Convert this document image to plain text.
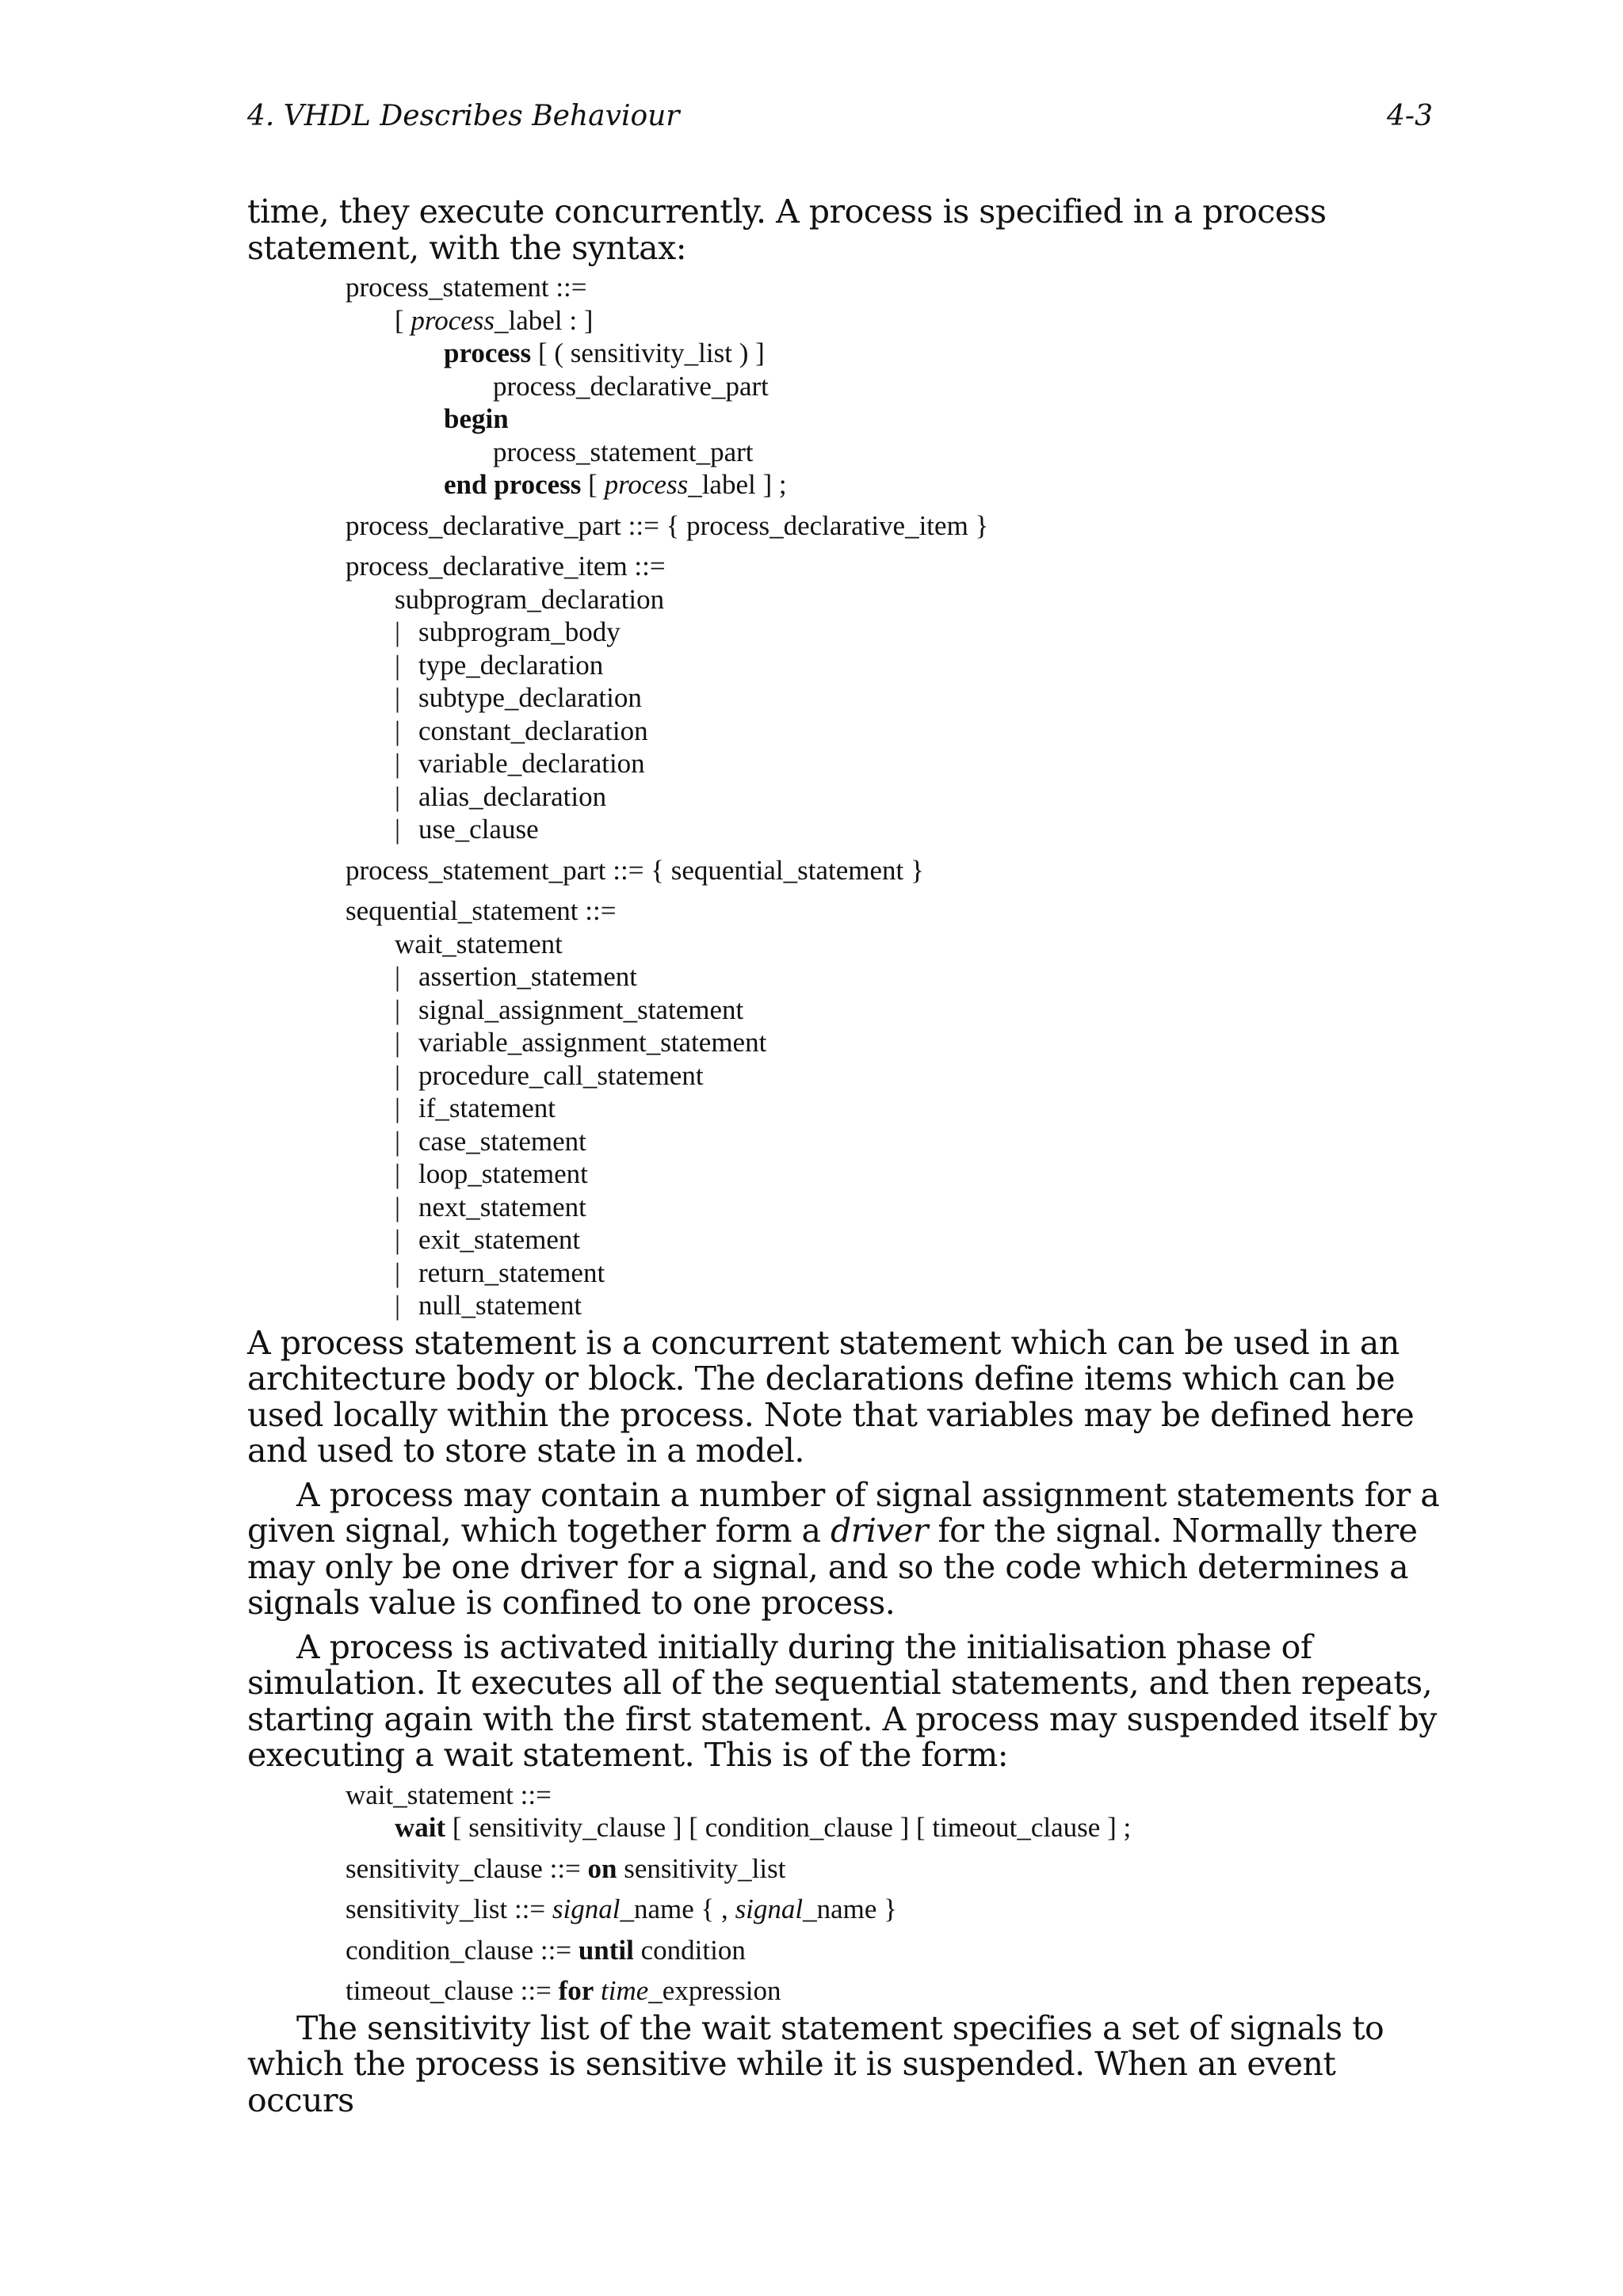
4. VHDL Describes Behaviour	4-3

time, they execute concurrently. A process is specified in a process
statement, with the syntax:

process_statement ::=
[ process_label : ]
process [ ( sensitivity_list ) ]
process_declarative_part
begin
process_statement_part
end process [ process_label ] ;
process_declarative_part ::= { process_declarative_item }
process_declarative_item ::=
subprogram_declaration
| subprogram_body
| type_declaration
| subtype_declaration
| constant_declaration
| variable_declaration
| alias_declaration
| use_clause
process_statement_part ::= { sequential_statement }
sequential_statement ::=
wait_statement
| assertion_statement
| signal_assignment_statement
| variable_assignment_statement
| procedure_call_statement
| if_statement
| case_statement
| loop_statement
| next_statement
| exit_statement
| return_statement
| null_statement

A process statement is a concurrent statement which can be used in an
architecture body or block. The declarations define items which can be
used locally within the process. Note that variables may be defined here
and used to store state in a model.

A process may contain a number of signal assignment statements for a
given signal, which together form a driver for the signal. Normally there
may only be one driver for a signal, and so the code which determines a
signals value is confined to one process.

A process is activated initially during the initialisation phase of
simulation. It executes all of the sequential statements, and then repeats,
starting again with the first statement. A process may suspended itself by
executing a wait statement. This is of the form:

wait_statement ::=
wait [ sensitivity_clause ] [ condition_clause ] [ timeout_clause ] ;
sensitivity_clause ::= on sensitivity_list
sensitivity_list ::= signal_name { , signal_name }
condition_clause ::= until condition
timeout_clause ::= for time_expression

The sensitivity list of the wait statement specifies a set of signals to
which the process is sensitive while it is suspended. When an event occurs
